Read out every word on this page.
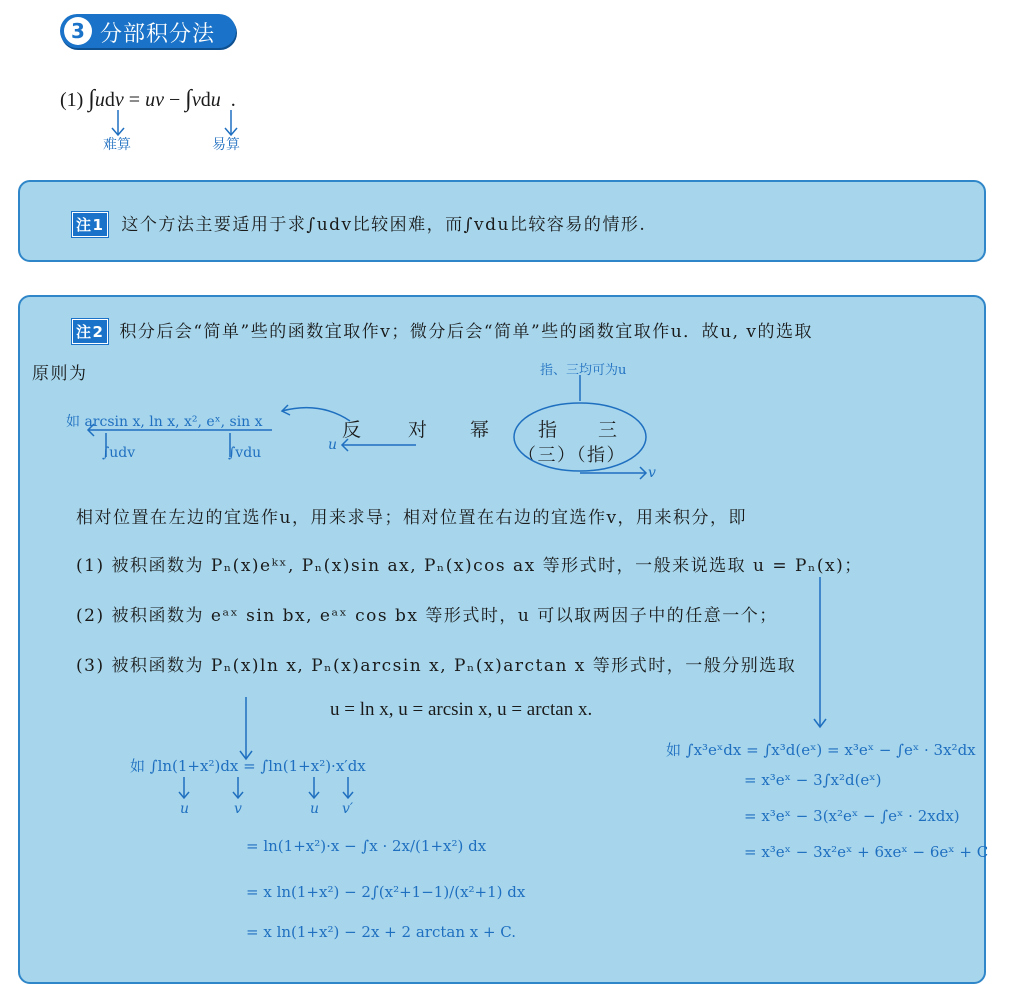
3 分部积分法
(1) ∫udv = uv − ∫vdu  .
难算	易算
注1 这个方法主要适用于求∫udv比较困难，而∫vdu比较容易的情形.
注2 积分后会“简单”些的函数宜取作v；微分后会“简单”些的函数宜取作u．故u, v的选取
原则为	指、三均可为u
如 arcsin x, ln x, x², eˣ, sin x
∫udv	∫vdu
反 对 幂 指 三
（三）（指）
u
v
相对位置在左边的宜选作u，用来求导；相对位置在右边的宜选作v，用来积分，即
(1) 被积函数为 Pₙ(x)eᵏˣ, Pₙ(x)sin ax, Pₙ(x)cos ax 等形式时，一般来说选取 u = Pₙ(x)；
(2) 被积函数为 eᵃˣ sin bx, eᵃˣ cos bx 等形式时，u 可以取两因子中的任意一个；
(3) 被积函数为 Pₙ(x)ln x, Pₙ(x)arcsin x, Pₙ(x)arctan x 等形式时，一般分别选取
u = ln x, u = arcsin x, u = arctan x.
如 ∫ln(1+x²)dx = ∫ln(1+x²)·x′dx
u	v	u v′
= ln(1+x²)·x − ∫x · 2x/(1+x²) dx
= x ln(1+x²) − 2∫(x²+1−1)/(x²+1) dx
= x ln(1+x²) − 2x + 2 arctan x + C.
如 ∫x³eˣdx = ∫x³d(eˣ) = x³eˣ − ∫eˣ · 3x²dx
= x³eˣ − 3∫x²d(eˣ)
= x³eˣ − 3(x²eˣ − ∫eˣ · 2xdx)
= x³eˣ − 3x²eˣ + 6xeˣ − 6eˣ + C
